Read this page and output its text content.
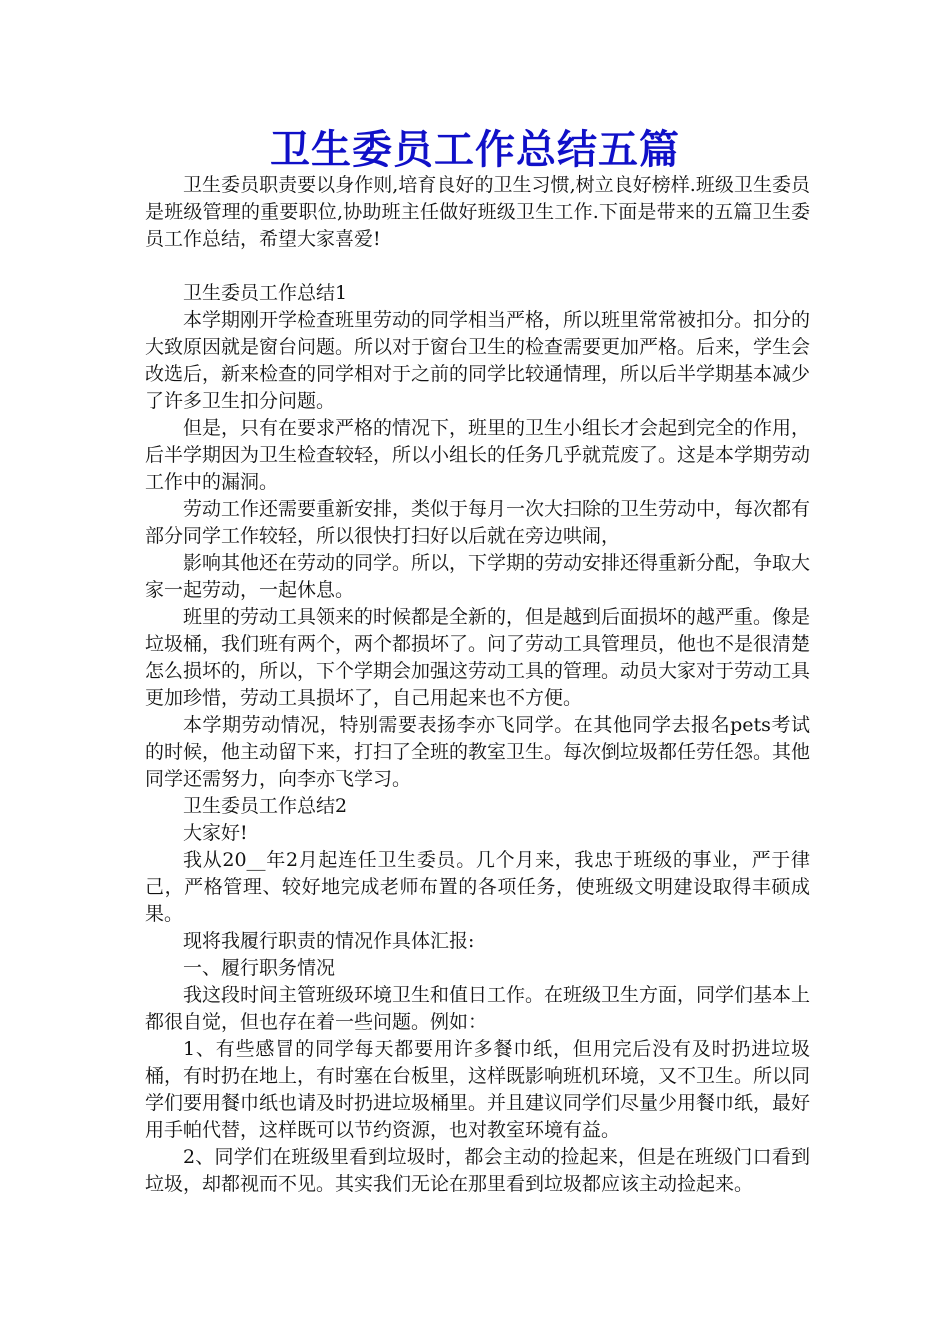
卫生委员工作总结五篇

卫生委员职责要以身作则,培育良好的卫生习惯,树立良好榜样.班级卫生委员是班级管理的重要职位,协助班主任做好班级卫生工作.下面是带来的五篇卫生委员工作总结，希望大家喜爱!

卫生委员工作总结1

本学期刚开学检查班里劳动的同学相当严格，所以班里常常被扣分。扣分的大致原因就是窗台问题。所以对于窗台卫生的检查需要更加严格。后来，学生会改选后，新来检查的同学相对于之前的同学比较通情理，所以后半学期基本减少了许多卫生扣分问题。

但是，只有在要求严格的情况下，班里的卫生小组长才会起到完全的作用，后半学期因为卫生检查较轻，所以小组长的任务几乎就荒废了。这是本学期劳动工作中的漏洞。

劳动工作还需要重新安排，类似于每月一次大扫除的卫生劳动中，每次都有部分同学工作较轻，所以很快打扫好以后就在旁边哄闹，

影响其他还在劳动的同学。所以，下学期的劳动安排还得重新分配，争取大家一起劳动，一起休息。

班里的劳动工具领来的时候都是全新的，但是越到后面损坏的越严重。像是垃圾桶，我们班有两个，两个都损坏了。问了劳动工具管理员，他也不是很清楚怎么损坏的，所以，下个学期会加强这劳动工具的管理。动员大家对于劳动工具更加珍惜，劳动工具损坏了，自己用起来也不方便。

本学期劳动情况，特别需要表扬李亦飞同学。在其他同学去报名pets考试的时候，他主动留下来，打扫了全班的教室卫生。每次倒垃圾都任劳任怨。其他同学还需努力，向李亦飞学习。

卫生委员工作总结2

大家好!

我从20__年2月起连任卫生委员。几个月来，我忠于班级的事业，严于律己，严格管理、较好地完成老师布置的各项任务，使班级文明建设取得丰硕成果。

现将我履行职责的情况作具体汇报:

一、履行职务情况

我这段时间主管班级环境卫生和值日工作。在班级卫生方面，同学们基本上都很自觉，但也存在着一些问题。例如：

1、有些感冒的同学每天都要用许多餐巾纸，但用完后没有及时扔进垃圾桶，有时扔在地上，有时塞在台板里，这样既影响班机环境，又不卫生。所以同学们要用餐巾纸也请及时扔进垃圾桶里。并且建议同学们尽量少用餐巾纸，最好用手帕代替，这样既可以节约资源，也对教室环境有益。

2、同学们在班级里看到垃圾时，都会主动的捡起来，但是在班级门口看到垃圾，却都视而不见。其实我们无论在那里看到垃圾都应该主动捡起来。
